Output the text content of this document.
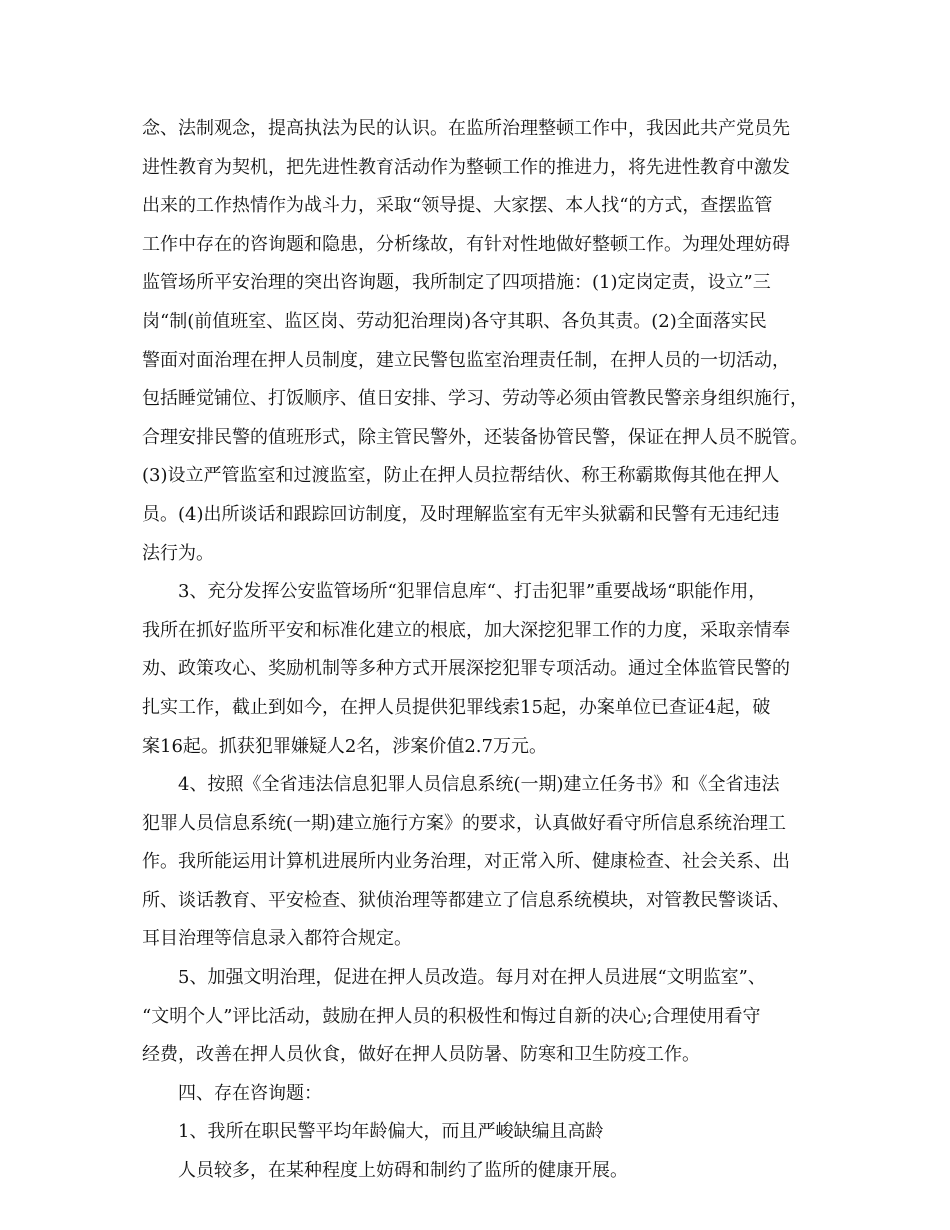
念、法制观念，提高执法为民的认识。在监所治理整顿工作中，我因此共产党员先
进性教育为契机，把先进性教育活动作为整顿工作的推进力，将先进性教育中激发
出来的工作热情作为战斗力，采取“领导提、大家摆、本人找“的方式，查摆监管
工作中存在的咨询题和隐患，分析缘故，有针对性地做好整顿工作。为理处理妨碍
监管场所平安治理的突出咨询题，我所制定了四项措施：(1)定岗定责，设立”三
岗“制(前值班室、监区岗、劳动犯治理岗)各守其职、各负其责。(2)全面落实民
警面对面治理在押人员制度，建立民警包监室治理责任制，在押人员的一切活动，
包括睡觉铺位、打饭顺序、值日安排、学习、劳动等必须由管教民警亲身组织施行，
合理安排民警的值班形式，除主管民警外，还装备协管民警，保证在押人员不脱管。
(3)设立严管监室和过渡监室，防止在押人员拉帮结伙、称王称霸欺侮其他在押人
员。(4)出所谈话和跟踪回访制度，及时理解监室有无牢头狱霸和民警有无违纪违
法行为。
3、充分发挥公安监管场所“犯罪信息库“、打击犯罪”重要战场“职能作用，
我所在抓好监所平安和标准化建立的根底，加大深挖犯罪工作的力度，采取亲情奉
劝、政策攻心、奖励机制等多种方式开展深挖犯罪专项活动。通过全体监管民警的
扎实工作，截止到如今，在押人员提供犯罪线索15起，办案单位已查证4起，破
案16起。抓获犯罪嫌疑人2名，涉案价值2.7万元。
4、按照《全省违法信息犯罪人员信息系统(一期)建立任务书》和《全省违法
犯罪人员信息系统(一期)建立施行方案》的要求，认真做好看守所信息系统治理工
作。我所能运用计算机进展所内业务治理，对正常入所、健康检查、社会关系、出
所、谈话教育、平安检查、狱侦治理等都建立了信息系统模块，对管教民警谈话、
耳目治理等信息录入都符合规定。
5、加强文明治理，促进在押人员改造。每月对在押人员进展“文明监室”、
“文明个人”评比活动，鼓励在押人员的积极性和悔过自新的决心;合理使用看守
经费，改善在押人员伙食，做好在押人员防暑、防寒和卫生防疫工作。
四、存在咨询题：
1、我所在职民警平均年龄偏大，而且严峻缺编且高龄
人员较多，在某种程度上妨碍和制约了监所的健康开展。
